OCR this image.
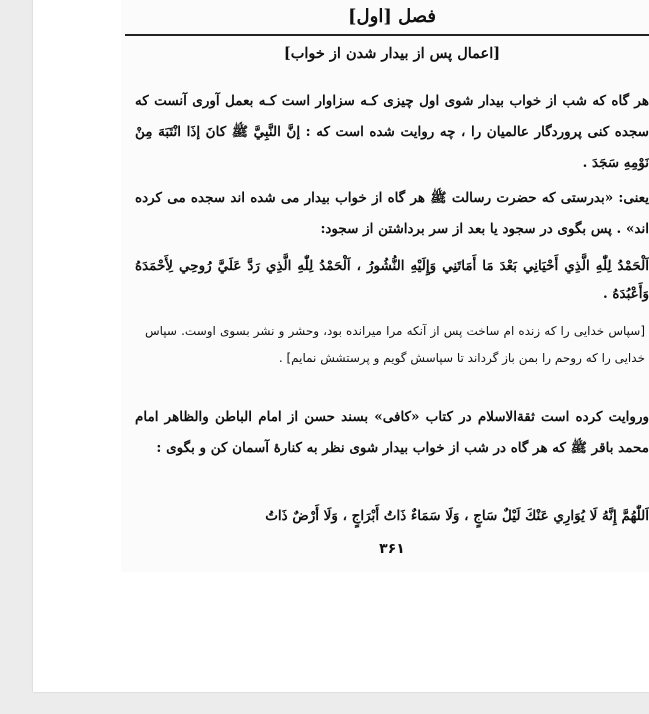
فصل [اول]
[اعمال پس از بیدار شدن از خواب]
هر گاه که شب از خواب بیدار شوی اول چیزی کـه سزاوار است کـه بعمل آوری آنست که سجده کنی پروردگار عالمیان را ، چه روایت شده است که : إنَّ النَّبِيَّ ﷺ كانَ إذَا انْتَبَهَ مِنْ نَوْمِهِ سَجَدَ .
یعنی: «بدرستی که حضرت رسالت ﷺ هر گاه از خواب بیدار می شده اند سجده می کرده اند» . پس بگوی در سجود یا بعد از سر برداشتن از سجود:
اَلْحَمْدُ لِلّٰهِ الَّذِي أَحْيَانِي بَعْدَ مَا أَمَاتَنِي وَإِلَيْهِ النُّشُورُ ، اَلْحَمْدُ لِلّٰهِ الَّذِي رَدَّ عَلَيَّ رُوحِي لِأَحْمَدَهُ وَأَعْبُدَهُ .
[سپاس خدایی را که زنده ام ساخت پس از آنکه مرا میرانده بود، وحشر و نشر بسوی اوست. سپاس خدایی را که روحم را بمن باز گرداند تا سپاسش گویم و پرستشش نمایم] .
وروایت کرده است ثقةالاسلام در کتاب «کافی» بسند حسن از امام الباطن والظاهر امام محمد باقر ﷺ که هر گاه در شب از خواب بیدار شوی نظر به کنارهٔ آسمان کن و بگوی :
اَللّٰهُمَّ إِنَّهُ لَا يُوَارِي عَنْكَ لَيْلٌ سَاجٍ ، وَلَا سَمَاءٌ ذَاتُ أَبْرَاجٍ ، وَلَا أَرْضٌ ذَاتُ
۳۶۱
